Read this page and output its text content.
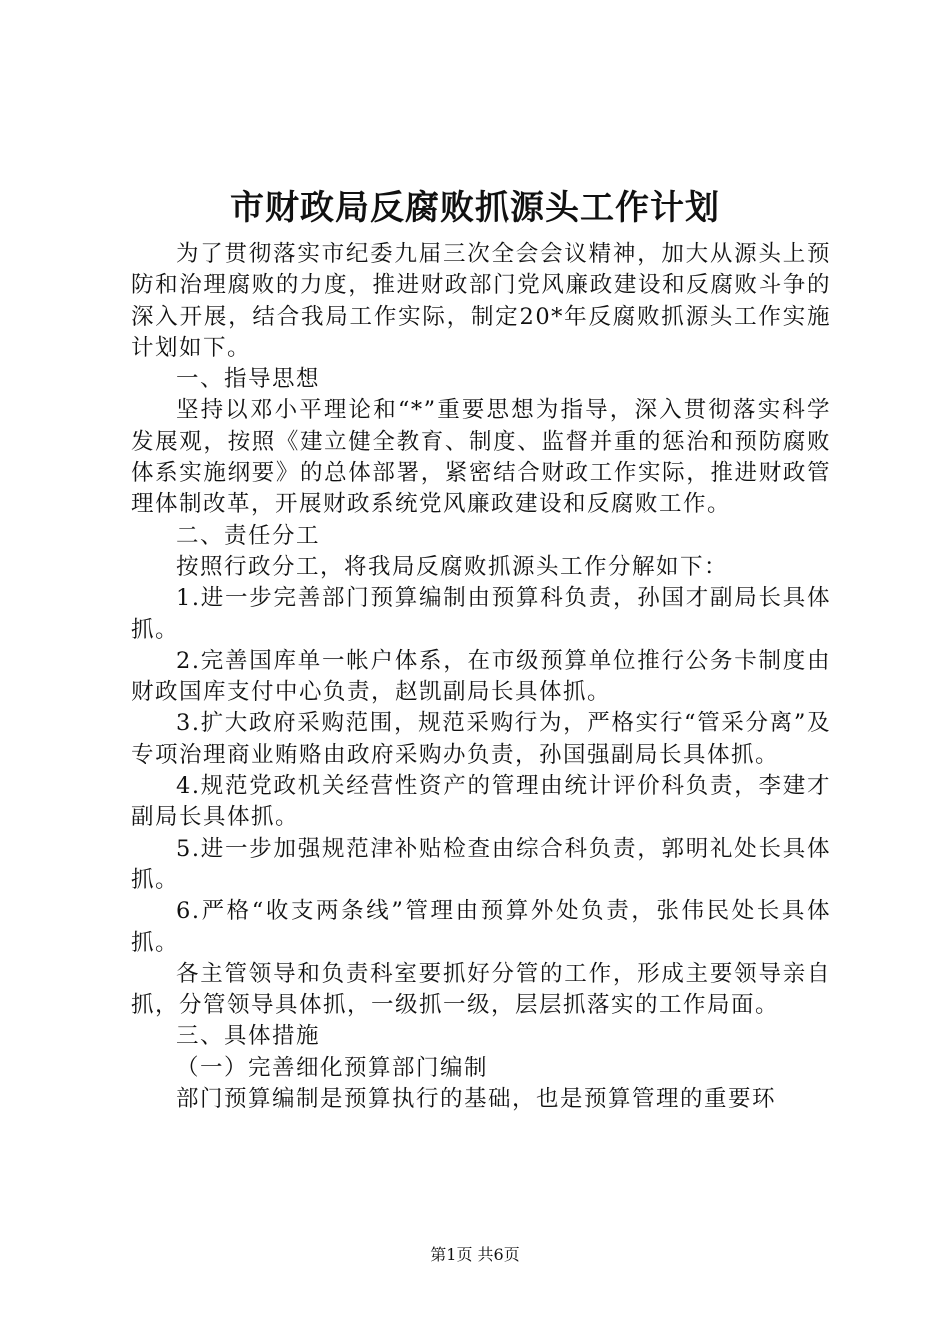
市财政局反腐败抓源头工作计划

为了贯彻落实市纪委九届三次全会会议精神，加大从源头上预防和治理腐败的力度，推进财政部门党风廉政建设和反腐败斗争的深入开展，结合我局工作实际，制定20*年反腐败抓源头工作实施计划如下。

一、指导思想

坚持以邓小平理论和“*”重要思想为指导，深入贯彻落实科学发展观，按照《建立健全教育、制度、监督并重的惩治和预防腐败体系实施纲要》的总体部署，紧密结合财政工作实际，推进财政管理体制改革，开展财政系统党风廉政建设和反腐败工作。

二、责任分工

按照行政分工，将我局反腐败抓源头工作分解如下：

1.进一步完善部门预算编制由预算科负责，孙国才副局长具体抓。

2.完善国库单一帐户体系，在市级预算单位推行公务卡制度由财政国库支付中心负责，赵凯副局长具体抓。

3.扩大政府采购范围，规范采购行为，严格实行“管采分离”及专项治理商业贿赂由政府采购办负责，孙国强副局长具体抓。

4.规范党政机关经营性资产的管理由统计评价科负责，李建才副局长具体抓。

5.进一步加强规范津补贴检查由综合科负责，郭明礼处长具体抓。

6.严格“收支两条线”管理由预算外处负责，张伟民处长具体抓。

各主管领导和负责科室要抓好分管的工作，形成主要领导亲自抓，分管领导具体抓，一级抓一级，层层抓落实的工作局面。

三、具体措施

（一）完善细化预算部门编制

部门预算编制是预算执行的基础，也是预算管理的重要环

第1页 共6页
